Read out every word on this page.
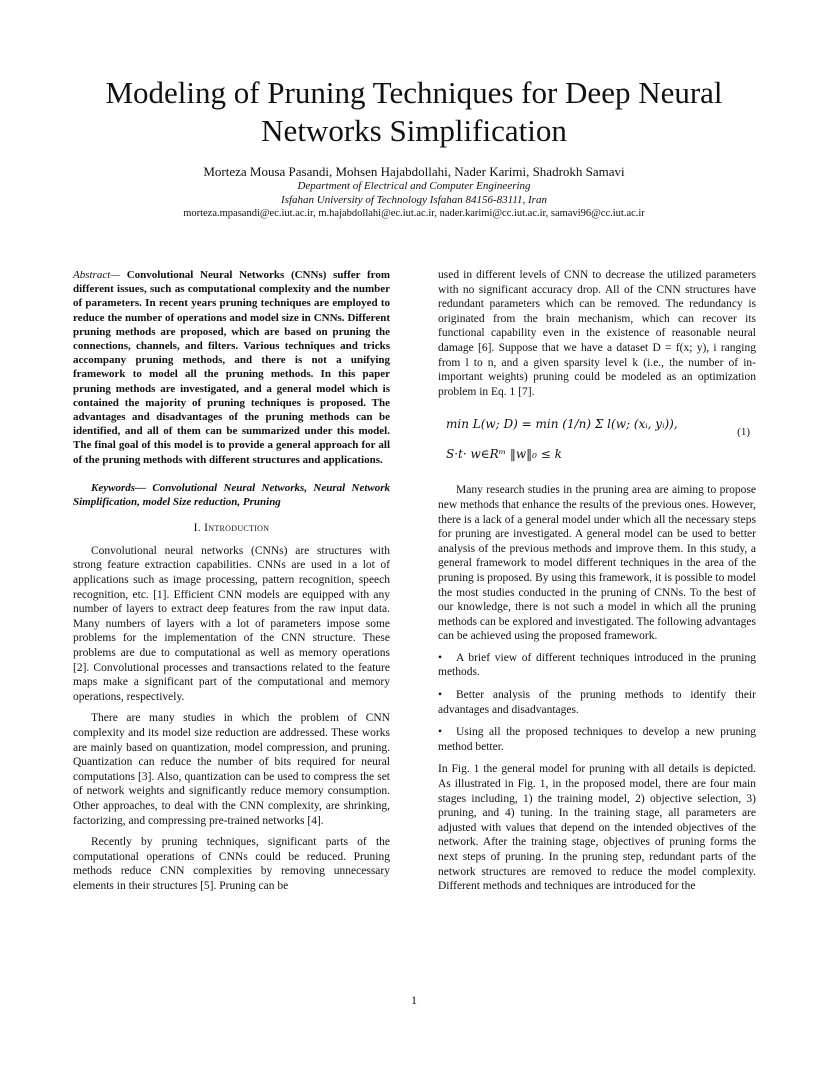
Modeling of Pruning Techniques for Deep Neural Networks Simplification
Morteza Mousa Pasandi, Mohsen Hajabdollahi, Nader Karimi, Shadrokh Samavi
Department of Electrical and Computer Engineering
Isfahan University of Technology Isfahan 84156-83111, Iran
morteza.mpasandi@ec.iut.ac.ir, m.hajabdollahi@ec.iut.ac.ir, nader.karimi@cc.iut.ac.ir, samavi96@cc.iut.ac.ir

Abstract— Convolutional Neural Networks (CNNs) suffer from different issues, such as computational complexity and the number of parameters. In recent years pruning techniques are employed to reduce the number of operations and model size in CNNs. Different pruning methods are proposed, which are based on pruning the connections, channels, and filters. Various techniques and tricks accompany pruning methods, and there is not a unifying framework to model all the pruning methods. In this paper pruning methods are investigated, and a general model which is contained the majority of pruning techniques is proposed. The advantages and disadvantages of the pruning methods can be identified, and all of them can be summarized under this model. The final goal of this model is to provide a general approach for all of the pruning methods with different structures and applications.

Keywords— Convolutional Neural Networks, Neural Network Simplification, model Size reduction, Pruning

I. Introduction

Convolutional neural networks (CNNs) are structures with strong feature extraction capabilities. CNNs are used in a lot of applications such as image processing, pattern recognition, speech recognition, etc. [1]. Efficient CNN models are equipped with any number of layers to extract deep features from the raw input data. Many numbers of layers with a lot of parameters impose some problems for the implementation of the CNN structure. These problems are due to computational as well as memory operations [2]. Convolutional processes and transactions related to the feature maps make a significant part of the computational and memory operations, respectively.

There are many studies in which the problem of CNN complexity and its model size reduction are addressed. These works are mainly based on quantization, model compression, and pruning. Quantization can reduce the number of bits required for neural computations [3]. Also, quantization can be used to compress the set of network weights and significantly reduce memory consumption. Other approaches, to deal with the CNN complexity, are shrinking, factorizing, and compressing pre-trained networks [4].

Recently by pruning techniques, significant parts of the computational operations of CNNs could be reduced. Pruning methods reduce CNN complexities by removing unnecessary elements in their structures [5]. Pruning can be

used in different levels of CNN to decrease the utilized parameters with no significant accuracy drop. All of the CNN structures have redundant parameters which can be removed. The redundancy is originated from the brain mechanism, which can recover its functional capability even in the existence of reasonable neural damage [6]. Suppose that we have a dataset D = f(x; y), i ranging from l to n, and a given sparsity level k (i.e., the number of in-important weights) pruning could be modeled as an optimization problem in Eq. 1 [7].

min L(w; D) = min (1/n) Σ l(w; (xᵢ, yᵢ)),
S·t· w∈Rᵐ ‖w‖₀ ≤ k
(1)

Many research studies in the pruning area are aiming to propose new methods that enhance the results of the previous ones. However, there is a lack of a general model under which all the necessary steps for pruning are investigated. A general model can be used to better analysis of the previous methods and improve them. In this study, a general framework to model different techniques in the area of the pruning is proposed. By using this framework, it is possible to model the most studies conducted in the pruning of CNNs. To the best of our knowledge, there is not such a model in which all the pruning methods can be explored and investigated. The following advantages can be achieved using the proposed framework.

• A brief view of different techniques introduced in the pruning methods.

• Better analysis of the pruning methods to identify their advantages and disadvantages.

• Using all the proposed techniques to develop a new pruning method better.

In Fig. 1 the general model for pruning with all details is depicted. As illustrated in Fig. 1, in the proposed model, there are four main stages including, 1) the training model, 2) objective selection, 3) pruning, and 4) tuning. In the training stage, all parameters are adjusted with values that depend on the intended objectives of the network. After the training stage, objectives of pruning forms the next steps of pruning. In the pruning step, redundant parts of the network structures are removed to reduce the model complexity. Different methods and techniques are introduced for the

1
